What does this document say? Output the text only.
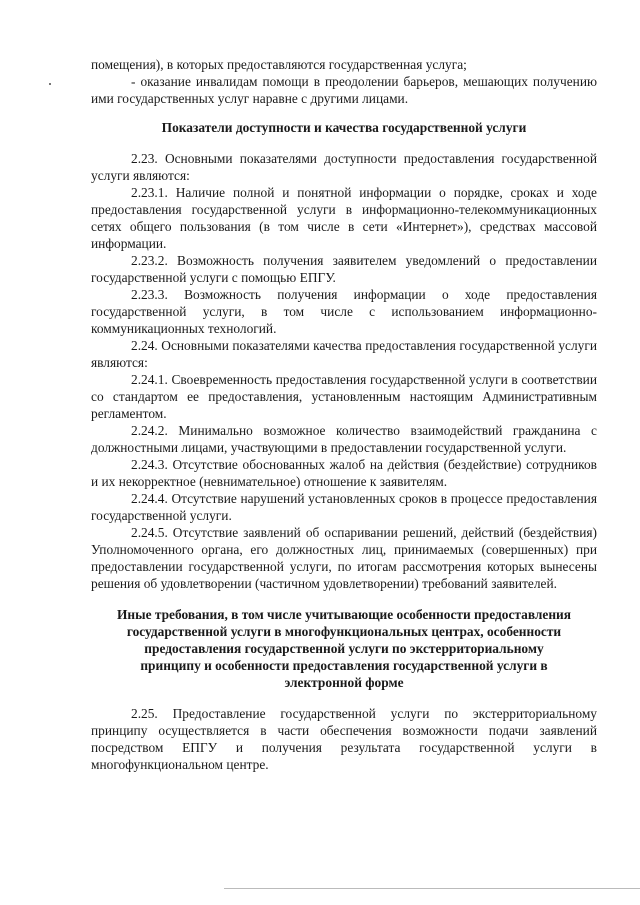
помещения), в которых предоставляются государственная услуга;

- оказание инвалидам помощи в преодолении барьеров, мешающих получению ими государственных услуг наравне с другими лицами.

Показатели доступности и качества государственной услуги

2.23. Основными показателями доступности предоставления государственной услуги являются:

2.23.1. Наличие полной и понятной информации о порядке, сроках и ходе предоставления государственной услуги в информационно-телекоммуникационных сетях общего пользования (в том числе в сети «Интернет»), средствах массовой информации.

2.23.2. Возможность получения заявителем уведомлений о предоставлении государственной услуги с помощью ЕПГУ.

2.23.3. Возможность получения информации о ходе предоставления государственной услуги, в том числе с использованием информационно-коммуникационных технологий.

2.24. Основными показателями качества предоставления государственной услуги являются:

2.24.1. Своевременность предоставления государственной услуги в соответствии со стандартом ее предоставления, установленным настоящим Административным регламентом.

2.24.2. Минимально возможное количество взаимодействий гражданина с должностными лицами, участвующими в предоставлении государственной услуги.

2.24.3. Отсутствие обоснованных жалоб на действия (бездействие) сотрудников и их некорректное (невнимательное) отношение к заявителям.

2.24.4. Отсутствие нарушений установленных сроков в процессе предоставления государственной услуги.

2.24.5. Отсутствие заявлений об оспаривании решений, действий (бездействия) Уполномоченного органа, его должностных лиц, принимаемых (совершенных) при предоставлении государственной услуги, по итогам рассмотрения которых вынесены решения об удовлетворении (частичном удовлетворении) требований заявителей.

Иные требования, в том числе учитывающие особенности предоставления государственной услуги в многофункциональных центрах, особенности предоставления государственной услуги по экстерриториальному принципу и особенности предоставления государственной услуги в электронной форме

2.25. Предоставление государственной услуги по экстерриториальному принципу осуществляется в части обеспечения возможности подачи заявлений посредством ЕПГУ и получения результата государственной услуги в многофункциональном центре.
